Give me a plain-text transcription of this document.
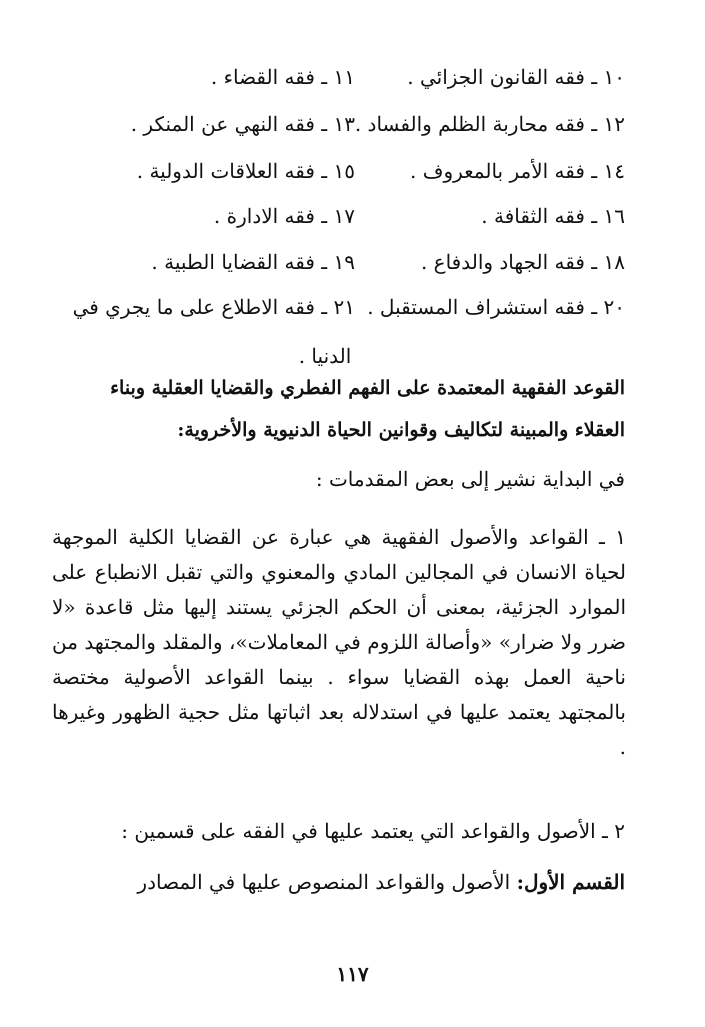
١٠ ـ فقه القانون الجزائي .
١١ ـ فقه القضاء .
١٢ ـ فقه محاربة الظلم والفساد .
١٣ ـ فقه النهي عن المنكر .
١٤ ـ فقه الأمر بالمعروف .
١٥ ـ فقه العلاقات الدولية .
١٦ ـ فقه الثقافة .
١٧ ـ فقه الادارة .
١٨ ـ فقه الجهاد والدفاع .
١٩ ـ فقه القضايا الطبية .
٢٠ ـ فقه استشراف المستقبل .
٢١ ـ فقه الاطلاع على ما يجري في
الدنيا .
القوعد الفقهية المعتمدة على الفهم الفطري والقضايا العقلية وبناء
العقلاء والمبينة لتكاليف وقوانين الحياة الدنيوية والأخروية:
في البداية نشير إلى بعض المقدمات :
١ ـ القواعد والأصول الفقهية هي عبارة عن القضايا الكلية الموجهة لحياة الانسان في المجالين المادي والمعنوي والتي تقبل الانطباع على الموارد الجزئية، بمعنى أن الحكم الجزئي يستند إليها مثل قاعدة «لا ضرر ولا ضرار» «وأصالة اللزوم في المعاملات»، والمقلد والمجتهد من ناحية العمل بهذه القضايا سواء . بينما القواعد الأصولية مختصة بالمجتهد يعتمد عليها في استدلاله بعد اثباتها مثل حجية الظهور وغيرها .
٢ ـ الأصول والقواعد التي يعتمد عليها في الفقه على قسمين :
القسم الأول: الأصول والقواعد المنصوص عليها في المصادر
١١٧
